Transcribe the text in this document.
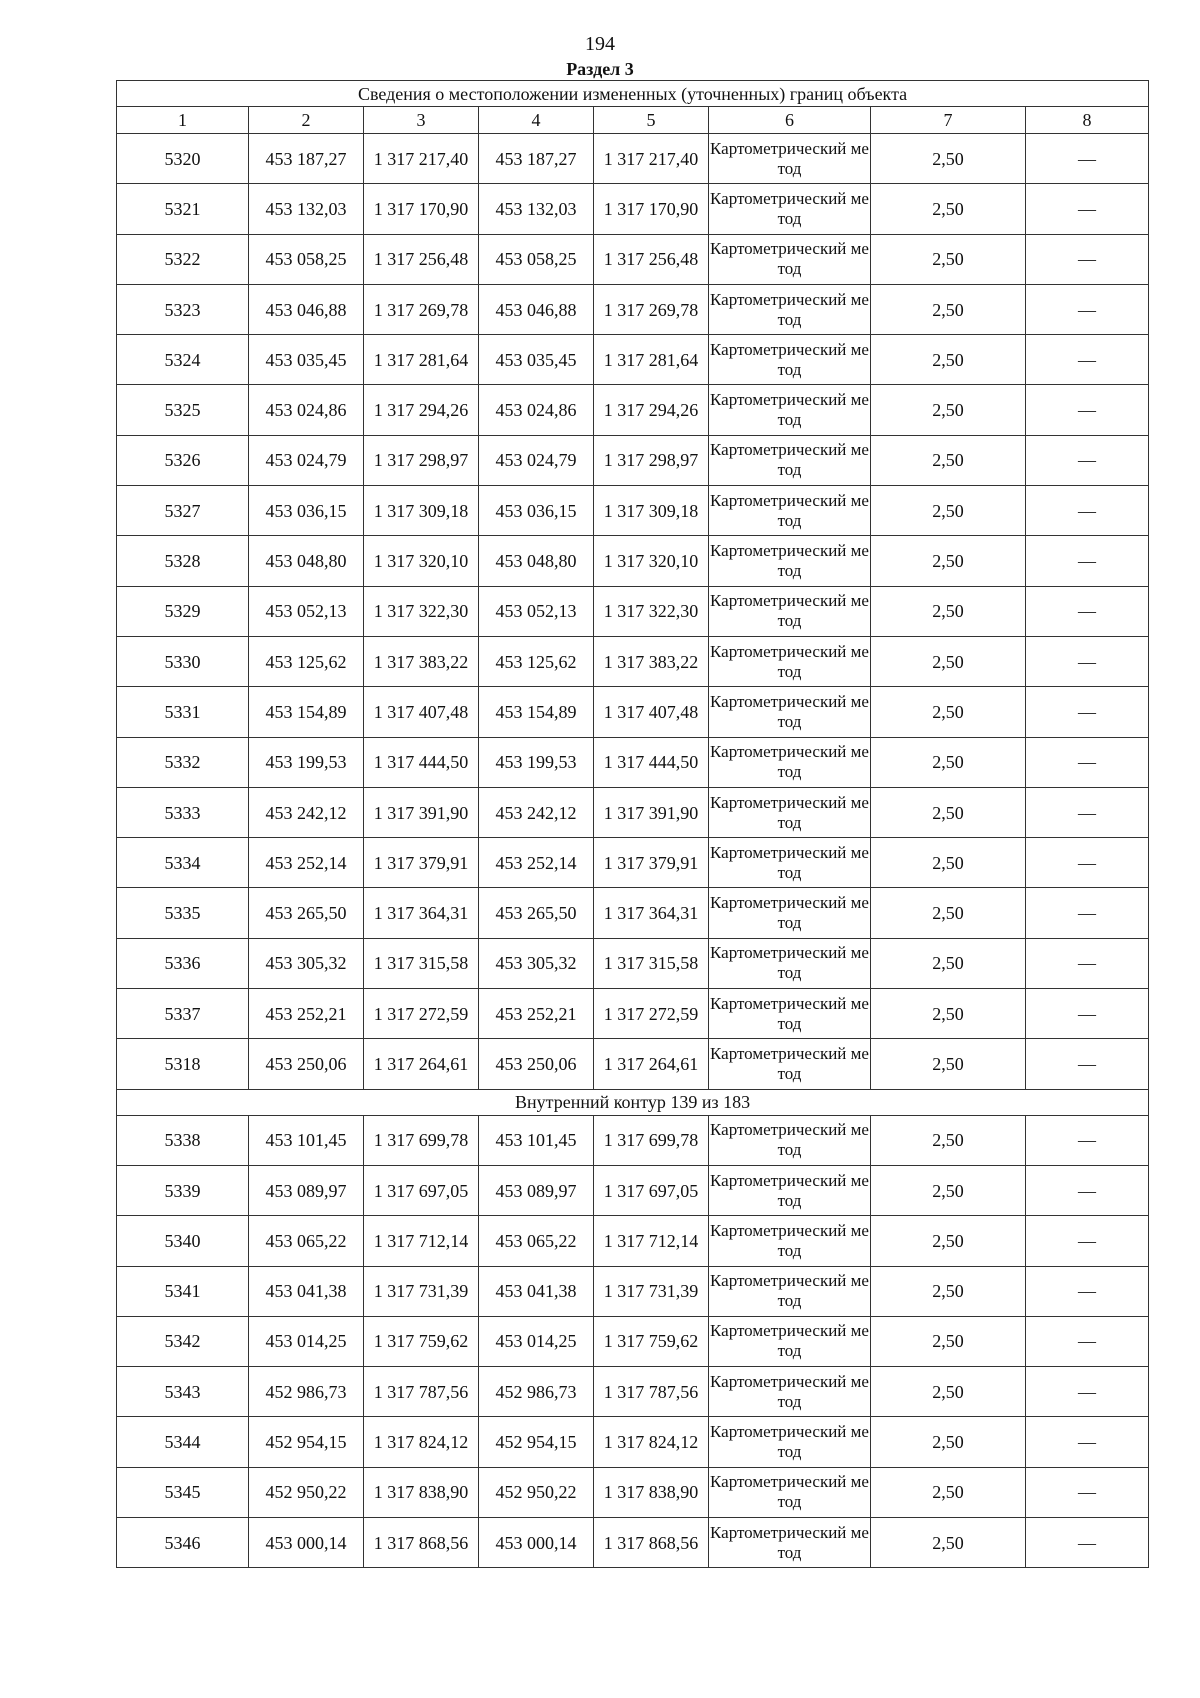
194
Раздел 3
Сведения о местоположении измененных (уточненных) границ объекта							
1	2	3	4	5	6	7	8
5320	453 187,27	1 317 217,40	453 187,27	1 317 217,40	Картометрический метод	2,50	—
5321	453 132,03	1 317 170,90	453 132,03	1 317 170,90	Картометрический метод	2,50	—
5322	453 058,25	1 317 256,48	453 058,25	1 317 256,48	Картометрический метод	2,50	—
5323	453 046,88	1 317 269,78	453 046,88	1 317 269,78	Картометрический метод	2,50	—
5324	453 035,45	1 317 281,64	453 035,45	1 317 281,64	Картометрический метод	2,50	—
5325	453 024,86	1 317 294,26	453 024,86	1 317 294,26	Картометрический метод	2,50	—
5326	453 024,79	1 317 298,97	453 024,79	1 317 298,97	Картометрический метод	2,50	—
5327	453 036,15	1 317 309,18	453 036,15	1 317 309,18	Картометрический метод	2,50	—
5328	453 048,80	1 317 320,10	453 048,80	1 317 320,10	Картометрический метод	2,50	—
5329	453 052,13	1 317 322,30	453 052,13	1 317 322,30	Картометрический метод	2,50	—
5330	453 125,62	1 317 383,22	453 125,62	1 317 383,22	Картометрический метод	2,50	—
5331	453 154,89	1 317 407,48	453 154,89	1 317 407,48	Картометрический метод	2,50	—
5332	453 199,53	1 317 444,50	453 199,53	1 317 444,50	Картометрический метод	2,50	—
5333	453 242,12	1 317 391,90	453 242,12	1 317 391,90	Картометрический метод	2,50	—
5334	453 252,14	1 317 379,91	453 252,14	1 317 379,91	Картометрический метод	2,50	—
5335	453 265,50	1 317 364,31	453 265,50	1 317 364,31	Картометрический метод	2,50	—
5336	453 305,32	1 317 315,58	453 305,32	1 317 315,58	Картометрический метод	2,50	—
5337	453 252,21	1 317 272,59	453 252,21	1 317 272,59	Картометрический метод	2,50	—
5318	453 250,06	1 317 264,61	453 250,06	1 317 264,61	Картометрический метод	2,50	—
Внутренний контур 139 из 183							
5338	453 101,45	1 317 699,78	453 101,45	1 317 699,78	Картометрический метод	2,50	—
5339	453 089,97	1 317 697,05	453 089,97	1 317 697,05	Картометрический метод	2,50	—
5340	453 065,22	1 317 712,14	453 065,22	1 317 712,14	Картометрический метод	2,50	—
5341	453 041,38	1 317 731,39	453 041,38	1 317 731,39	Картометрический метод	2,50	—
5342	453 014,25	1 317 759,62	453 014,25	1 317 759,62	Картометрический метод	2,50	—
5343	452 986,73	1 317 787,56	452 986,73	1 317 787,56	Картометрический метод	2,50	—
5344	452 954,15	1 317 824,12	452 954,15	1 317 824,12	Картометрический метод	2,50	—
5345	452 950,22	1 317 838,90	452 950,22	1 317 838,90	Картометрический метод	2,50	—
5346	453 000,14	1 317 868,56	453 000,14	1 317 868,56	Картометрический метод	2,50	—
